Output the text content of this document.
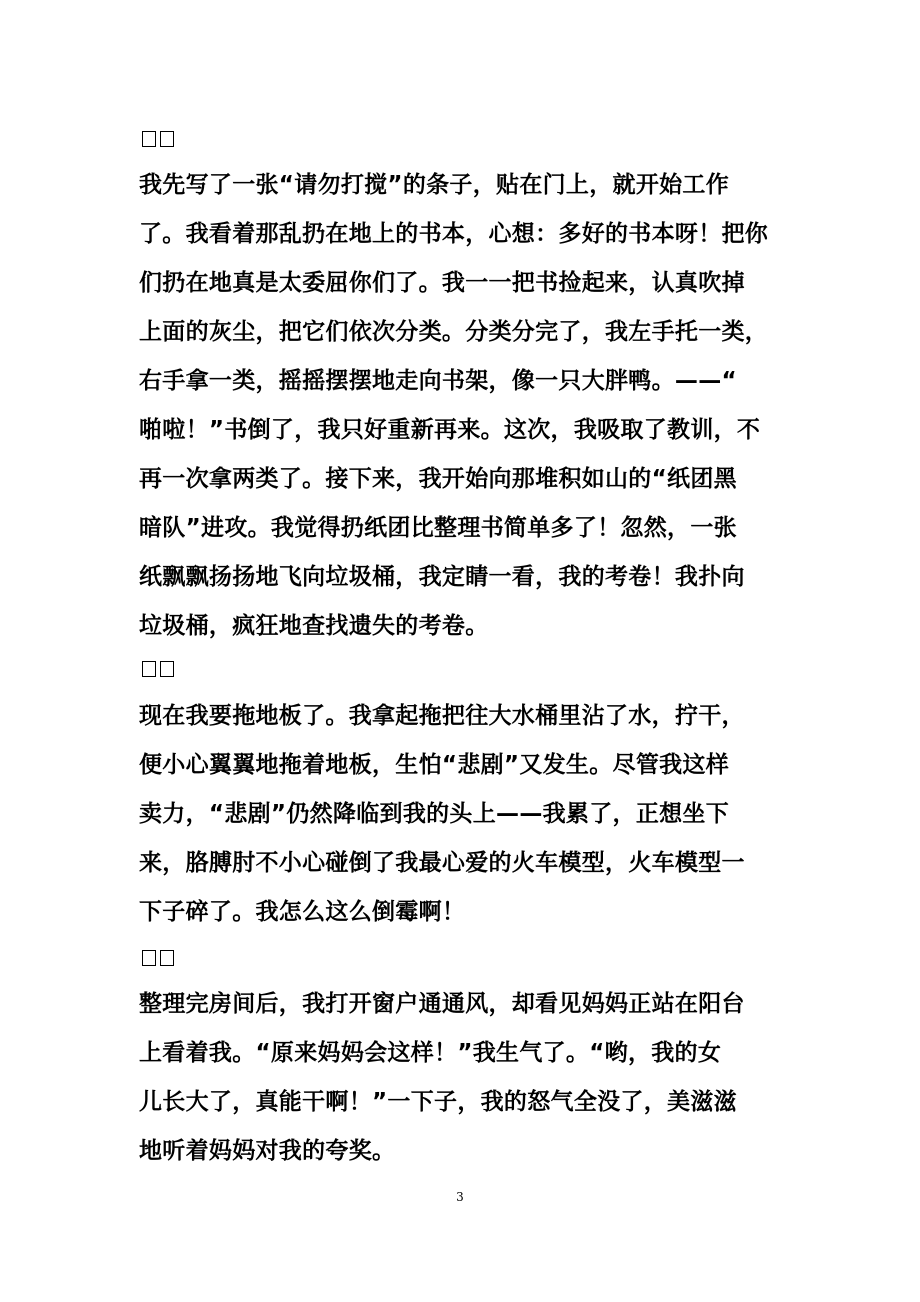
我先写了一张“请勿打搅”的条子，贴在门上，就开始工作
了。我看着那乱扔在地上的书本，心想：多好的书本呀！把你
们扔在地真是太委屈你们了。我一一把书捡起来，认真吹掉
上面的灰尘，把它们依次分类。分类分完了，我左手托一类，
右手拿一类，摇摇摆摆地走向书架，像一只大胖鸭。——“
啪啦！”书倒了，我只好重新再来。这次，我吸取了教训，不
再一次拿两类了。接下来，我开始向那堆积如山的“纸团黑
暗队”进攻。我觉得扔纸团比整理书简单多了！忽然，一张
纸飘飘扬扬地飞向垃圾桶，我定睛一看，我的考卷！我扑向
垃圾桶，疯狂地查找遗失的考卷。
现在我要拖地板了。我拿起拖把往大水桶里沾了水，拧干，
便小心翼翼地拖着地板，生怕“悲剧”又发生。尽管我这样
卖力，“悲剧”仍然降临到我的头上——我累了，正想坐下
来，胳膊肘不小心碰倒了我最心爱的火车模型，火车模型一
下子碎了。我怎么这么倒霉啊！
整理完房间后，我打开窗户通通风，却看见妈妈正站在阳台
上看着我。“原来妈妈会这样！”我生气了。“哟，我的女
儿长大了，真能干啊！”一下子，我的怒气全没了，美滋滋
地听着妈妈对我的夸奖。
3
